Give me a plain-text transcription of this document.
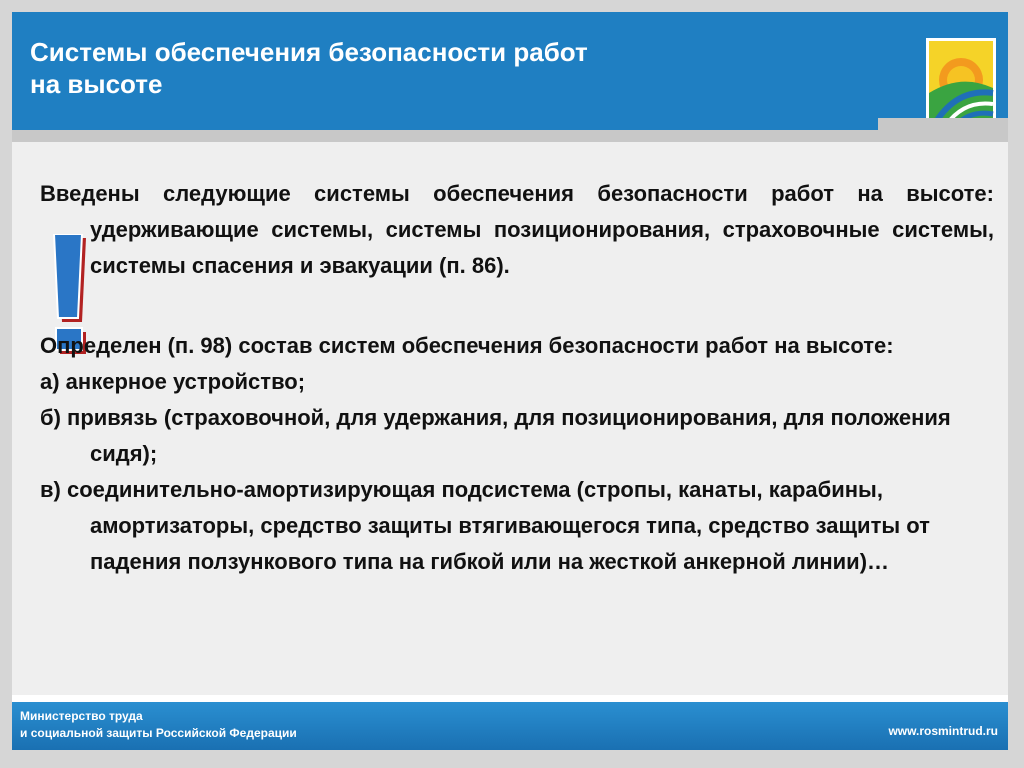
Системы обеспечения безопасности работ
на высоте

Введены следующие системы обеспечения безопасности работ на высоте: удерживающие системы, системы позиционирования, страховочные системы, системы спасения и эвакуации (п. 86).

Определен (п. 98) состав систем обеспечения безопасности работ на высоте:

а) анкерное устройство;

б) привязь (страховочной, для удержания, для позиционирования, для положения сидя);

в) соединительно-амортизирующая подсистема (стропы, канаты, карабины, амортизаторы, средство защиты втягивающегося типа, средство защиты от падения ползункового типа на гибкой или на жесткой анкерной линии)…

Министерство труда
и социальной защиты Российской Федерации	www.rosmintrud.ru
